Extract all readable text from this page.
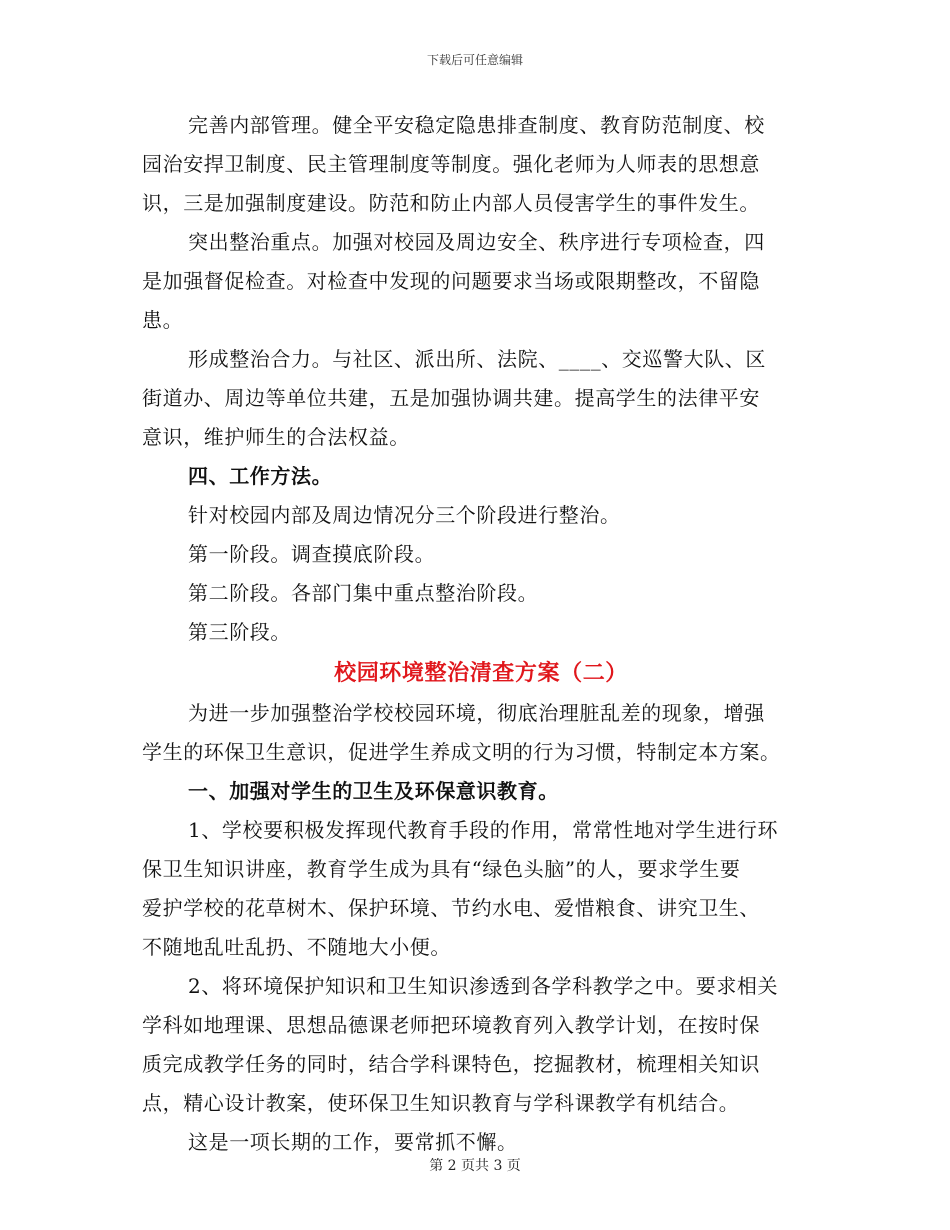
下载后可任意编辑

完善内部管理。健全平安稳定隐患排查制度、教育防范制度、校

园治安捍卫制度、民主管理制度等制度。强化老师为人师表的思想意

识，三是加强制度建设。防范和防止内部人员侵害学生的事件发生。

突出整治重点。加强对校园及周边安全、秩序进行专项检查，四

是加强督促检查。对检查中发现的问题要求当场或限期整改，不留隐

患。

形成整治合力。与社区、派出所、法院、____、交巡警大队、区

街道办、周边等单位共建，五是加强协调共建。提高学生的法律平安

意识，维护师生的合法权益。

四、工作方法。

针对校园内部及周边情况分三个阶段进行整治。

第一阶段。调查摸底阶段。

第二阶段。各部门集中重点整治阶段。

第三阶段。

校园环境整治清查方案（二）

为进一步加强整治学校校园环境，彻底治理脏乱差的现象，增强

学生的环保卫生意识，促进学生养成文明的行为习惯，特制定本方案。

一、加强对学生的卫生及环保意识教育。

1、学校要积极发挥现代教育手段的作用，常常性地对学生进行环

保卫生知识讲座，教育学生成为具有“绿色头脑”的人，要求学生要

爱护学校的花草树木、保护环境、节约水电、爱惜粮食、讲究卫生、

不随地乱吐乱扔、不随地大小便。

2、将环境保护知识和卫生知识渗透到各学科教学之中。要求相关

学科如地理课、思想品德课老师把环境教育列入教学计划，在按时保

质完成教学任务的同时，结合学科课特色，挖掘教材，梳理相关知识

点，精心设计教案，使环保卫生知识教育与学科课教学有机结合。

这是一项长期的工作，要常抓不懈。

第 2 页共 3 页
